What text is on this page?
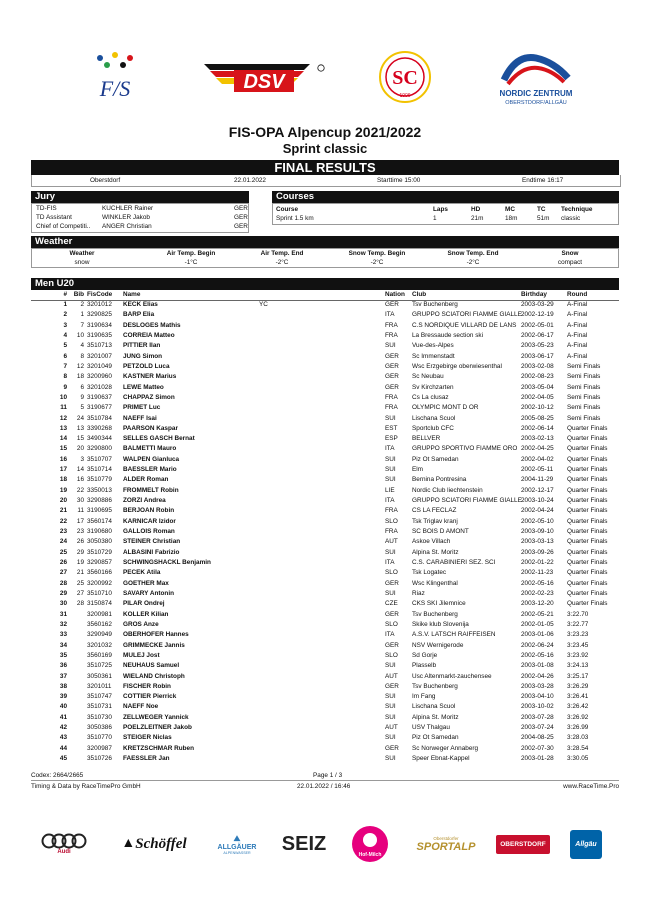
F/S	DSV	SC
1906	NORDIC ZENTRUM
OBERSTDORF/ALLGÄU
FIS-OPA Alpencup 2021/2022
Sprint classic
FINAL RESULTS
Oberstdorf	22.01.2022	Starttime 15:00	Endtime 16:17
Jury
TD-FIS	KUCHLER Rainer	GER
TD Assistant	WINKLER Jakob	GER
Chief of Competiti.. ANGER Christian	GER
Courses
Course	Laps	HD	MC	TC Technique
Sprint 1.5 km	1	21m	18m	51m classic
Weather
Weather	Air Temp. Begin	Air Temp. End	Snow Temp. Begin	Snow Temp. End	Snow
snow	-1°C	-2°C	-2°C	-2°C	compact
Men U20
#	Bib FisCode	Name	Nation	Club	Birthday	Round
1	2 3201012	KECK Elias	YC	GER	Tsv Buchenberg	2003-03-29	A-Final
2	1 3290825	BARP Elia	ITA	GRUPPO SCIATORI FIAMME GIALLE 2002-12-19	A-Final
3	7 3190634	DESLOGES Mathis	FRA	C.S NORDIQUE VILLARD DE LANS 2002-05-01	A-Final
4	10 3190635	CORREIA Matteo	FRA	La Bressaude section ski	2002-06-17	A-Final
5	4 3510713	PITTIER Ilan	SUI	Vue-des-Alpes	2003-05-23	A-Final
6	8 3201007	JUNG Simon	GER	Sc Immenstadt	2003-06-17	A-Final
7	12 3201049	PETZOLD Luca	GER	Wsc Erzgebirge oberwiesenthal	2003-02-08	Semi Finals
8	18 3200960	KASTNER Marius	GER	Sc Neubau	2002-08-23	Semi Finals
9	6 3201028	LEWE Matteo	GER	Sv Kirchzarten	2003-05-04	Semi Finals
10	9 3190637	CHAPPAZ Simon	FRA	Cs La clusaz	2002-04-05	Semi Finals
11	5 3190677	PRIMET Luc	FRA	OLYMPIC MONT D OR	2002-10-12	Semi Finals
12	24 3510784	NAEFF Isai	SUI	Lischana Scuol	2005-08-25	Semi Finals
13	13 3390268	PAARSON Kaspar	EST	Sportclub CFC	2002-06-14	Quarter Finals
14	15 3490344	SELLES GASCH Bernat	ESP	BELLVER	2003-02-13	Quarter Finals
15	20 3290800	BALMETTI Mauro	ITA	GRUPPO SPORTIVO FIAMME ORO 2002-04-25	Quarter Finals
16	3 3510707	WALPEN Gianluca	SUI	Piz Ot Samedan	2002-04-02	Quarter Finals
17	14 3510714	BAESSLER Mario	SUI	Elm	2002-05-11	Quarter Finals
18	16 3510779	ALDER Roman	SUI	Bernina Pontresina	2004-11-29	Quarter Finals
19	22 3350013	FROMMELT Robin	LIE	Nordic Club liechtenstein	2002-12-17	Quarter Finals
20	30 3290886	ZORZI Andrea	ITA	GRUPPO SCIATORI FIAMME GIALLE 2003-10-24	Quarter Finals
21	11 3190695	BERJOAN Robin	FRA	CS LA FECLAZ	2002-04-24	Quarter Finals
22	17 3560174	KARNICAR Izidor	SLO	Tsk Triglav kranj	2002-05-10	Quarter Finals
23	23 3190680	GALLOIS Roman	FRA	SC BOIS D AMONT	2003-09-10	Quarter Finals
24	26 3050380	STEINER Christian	AUT	Askoe Villach	2003-03-13	Quarter Finals
25	29 3510729	ALBASINI Fabrizio	SUI	Alpina St. Moritz	2003-09-26	Quarter Finals
26	19 3290857	SCHWINGSHACKL Benjamin	ITA	C.S. CARABINIERI SEZ. SCI	2002-01-22	Quarter Finals
27	21 3560166	PECEK Atila	SLO	Tsk Logatec	2002-11-23	Quarter Finals
28	25 3200992	GOETHER Max	GER	Wsc Klingenthal	2002-05-16	Quarter Finals
29	27 3510710	SAVARY Antonin	SUI	Riaz	2002-02-23	Quarter Finals
30	28 3150874	PILAR Ondrej	CZE	CKS SKI Jilemnice	2003-12-20	Quarter Finals
31	3200981	KOLLER Kilian	GER	Tsv Buchenberg	2002-05-21	3:22.70
32	3560162	GROS Anze	SLO	Skike klub Slovenija	2002-01-05	3:22.77
33	3290949	OBERHOFER Hannes	ITA	A.S.V. LATSCH RAIFFEISEN	2003-01-06	3:23.23
34	3201032	GRIMMECKE Jannis	GER	NSV Wernigerode	2002-06-24	3:23.45
35	3560169	MULEJ Jost	SLO	Sd Gorje	2002-05-16	3:23.92
36	3510725	NEUHAUS Samuel	SUI	Plasselb	2003-01-08	3:24.13
37	3050361	WIELAND Christoph	AUT	Usc Altenmarkt-zauchensee	2002-04-26	3:25.17
38	3201011	FISCHER Robin	GER	Tsv Buchenberg	2003-03-28	3:26.29
39	3510747	COTTIER Pierrick	SUI	Im Fang	2003-04-10	3:26.41
40	3510731	NAEFF Noe	SUI	Lischana Scuol	2003-10-02	3:26.42
41	3510730	ZELLWEGER Yannick	SUI	Alpina St. Moritz	2003-07-28	3:26.92
42	3050386	POELZLEITNER Jakob	AUT	USV Thalgau	2003-07-24	3:26.99
43	3510770	STEIGER Niclas	SUI	Piz Ot Samedan	2004-08-25	3:28.03
44	3200987	KRETZSCHMAR Ruben	GER	Sc Norweger Annaberg	2002-07-30	3:28.54
45	3510726	FAESSLER Jan	SUI	Speer Ebnat-Kappel	2003-01-28	3:30.05
Codex: 2664/2665	Page 1 / 3
Timing & Data by RaceTimePro GmbH	22.01.2022 / 16:46	www.RaceTime.Pro
Audi
▲ Schöffel	⛰
ALLGÄUER
ALPENWASSER SEIZ
Hof-Milch
Oberstdorfer
SPORTALP	OBERSTDORF	Allgäu
